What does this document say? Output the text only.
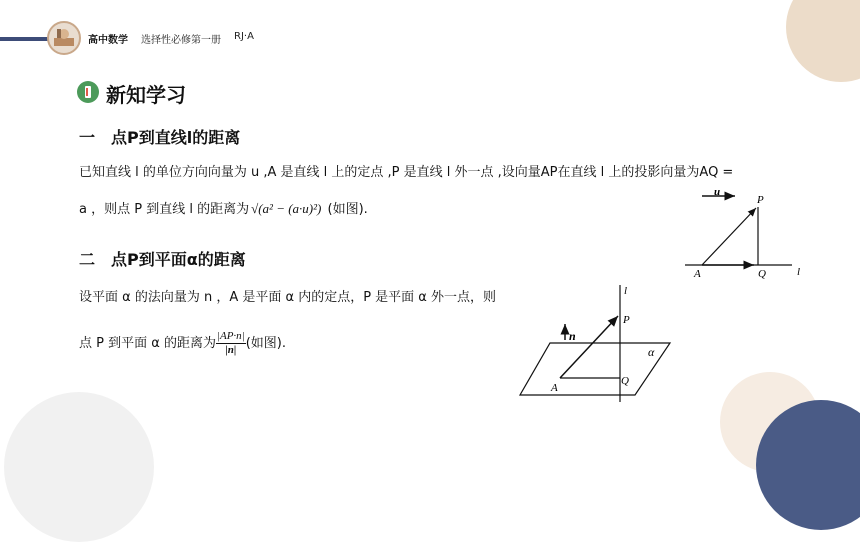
高中数学 选择性必修第一册 RJ·A
新知学习
一　点P到直线l的距离
已知直线 l 的单位方向向量为 u ,A 是直线 l 上的定点 ,P 是直线 l 外一点 ,设向量AP在直线 l 上的投影向量为AQ =
a ，则点 P 到直线 l 的距离为 √(a² − (a·u)²) (如图).
u
P
A	Q	l
二　点P到平面α的距离
设平面 α 的法向量为 n ，A 是平面 α 内的定点，P 是平面 α 外一点，则
点 P 到平面 α 的距离为 $\frac{|AP\cdot n|}{|n|}$ (如图).	n
l
P
α
Q
A
